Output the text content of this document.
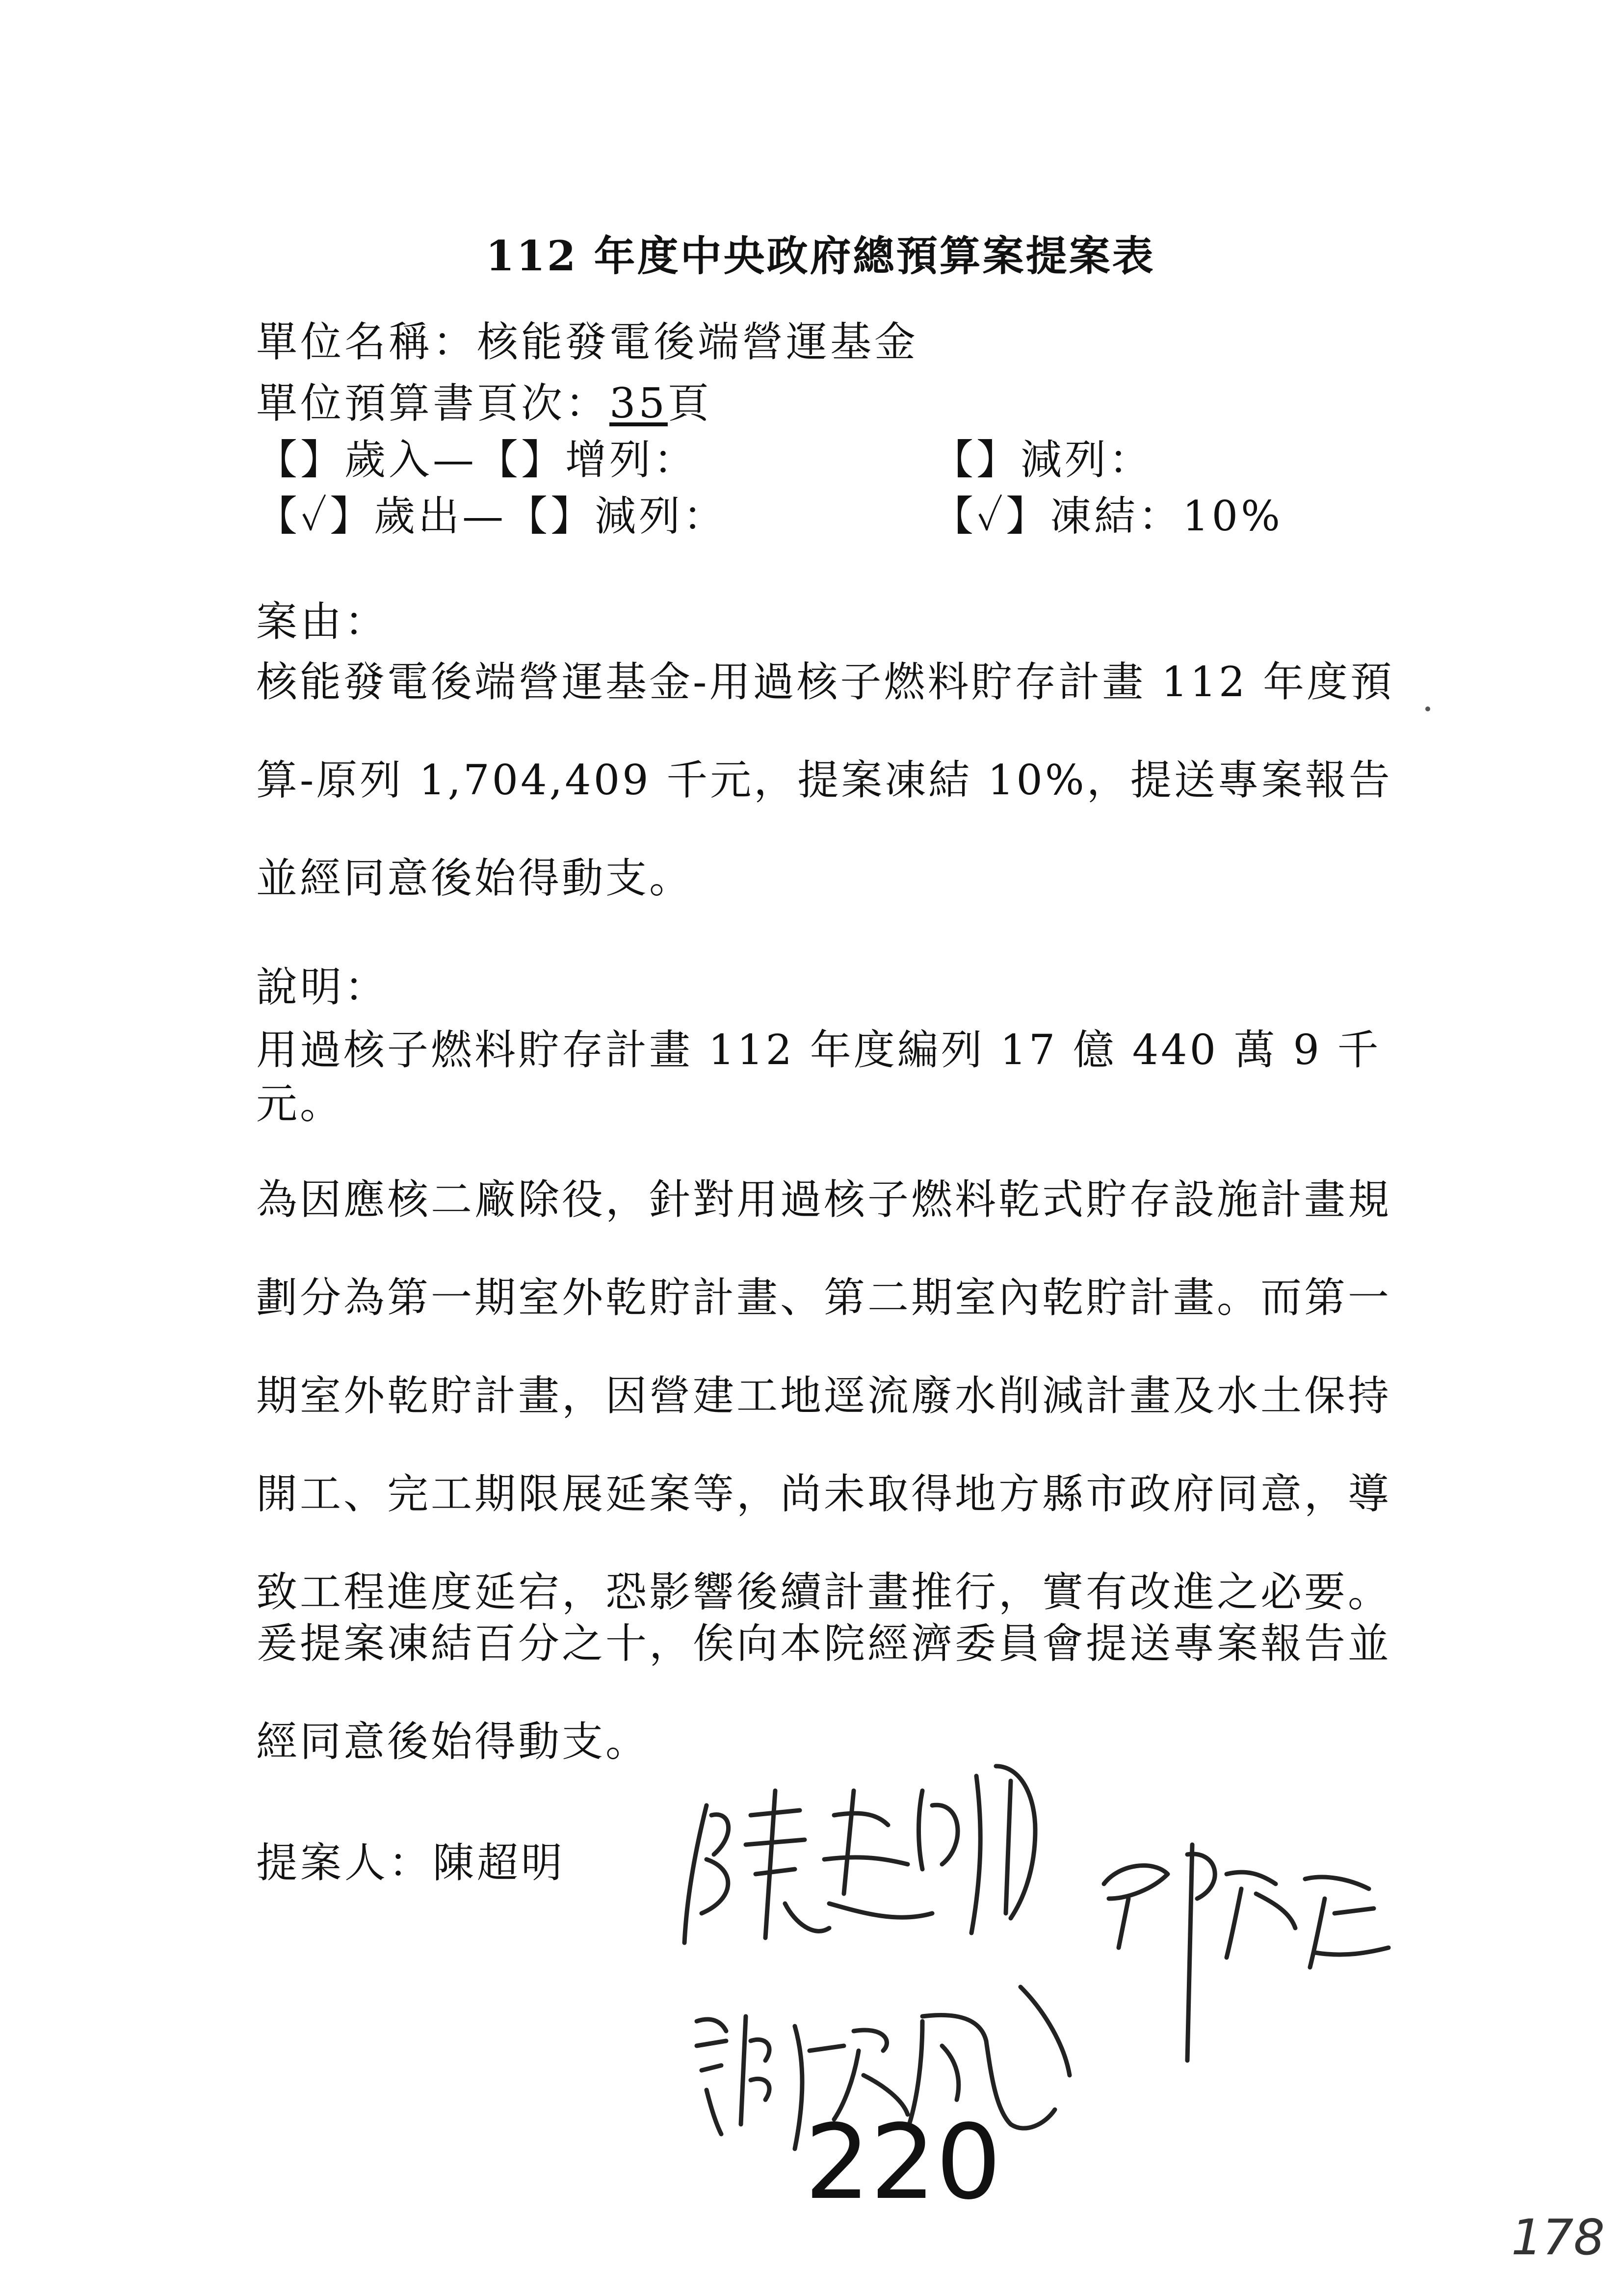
112 年度中央政府總預算案提案表
單位名稱：核能發電後端營運基金
單位預算書頁次：35頁
【】歲入—【】增列：	【】減列：
【✓】歲出—【】減列：	【✓】凍結：10%
案由：
核能發電後端營運基金-用過核子燃料貯存計畫 112 年度預算-原列 1,704,409 千元，提案凍結 10%，提送專案報告並經同意後始得動支。
說明：
用過核子燃料貯存計畫 112 年度編列 17 億 440 萬 9 千元。
為因應核二廠除役，針對用過核子燃料乾式貯存設施計畫規劃分為第一期室外乾貯計畫、第二期室內乾貯計畫。而第一期室外乾貯計畫，因營建工地逕流廢水削減計畫及水土保持開工、完工期限展延案等，尚未取得地方縣市政府同意，導致工程進度延宕，恐影響後續計畫推行，實有改進之必要。
爰提案凍結百分之十，俟向本院經濟委員會提送專案報告並經同意後始得動支。
提案人：陳超明
220
178
